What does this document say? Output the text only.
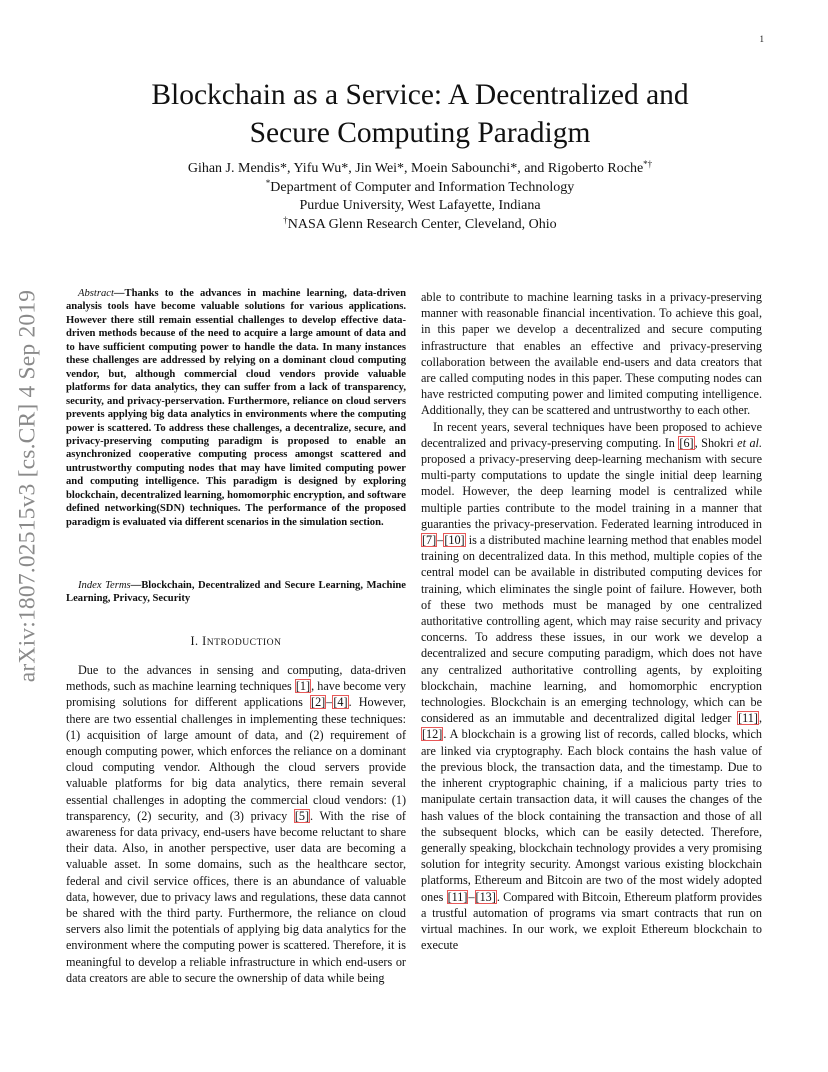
1
arXiv:1807.02515v3 [cs.CR] 4 Sep 2019
Blockchain as a Service: A Decentralized and
Secure Computing Paradigm
Gihan J. Mendis*, Yifu Wu*, Jin Wei*, Moein Sabounchi*, and Rigoberto Roche*†
*Department of Computer and Information Technology
Purdue University, West Lafayette, Indiana
†NASA Glenn Research Center, Cleveland, Ohio
Abstract—Thanks to the advances in machine learning, data-driven analysis tools have become valuable solutions for various applications. However there still remain essential challenges to develop effective data-driven methods because of the need to acquire a large amount of data and to have sufficient computing power to handle the data. In many instances these challenges are addressed by relying on a dominant cloud computing vendor, but, although commercial cloud vendors provide valuable platforms for data analytics, they can suffer from a lack of transparency, security, and privacy-perservation. Furthermore, reliance on cloud servers prevents applying big data analytics in environments where the computing power is scattered. To address these challenges, a decentralize, secure, and privacy-preserving computing paradigm is proposed to enable an asynchronized cooperative computing process amongst scattered and untrustworthy computing nodes that may have limited computing power and computing intelligence. This paradigm is designed by exploring blockchain, decentralized learning, homomorphic encryption, and software defined networking(SDN) techniques. The performance of the proposed paradigm is evaluated via different scenarios in the simulation section.
Index Terms—Blockchain, Decentralized and Secure Learning, Machine Learning, Privacy, Security
I. INTRODUCTION

Due to the advances in sensing and computing, data-driven methods, such as machine learning techniques [1], have become very promising solutions for different applications [2]–[4]. However, there are two essential challenges in implementing these techniques: (1) acquisition of large amount of data, and (2) requirement of enough computing power, which enforces the reliance on a dominant cloud computing vendor. Although the cloud servers provide valuable platforms for big data analytics, there remain several essential challenges in adopting the commercial cloud vendors: (1) transparency, (2) security, and (3) privacy [5]. With the rise of awareness for data privacy, end-users have become reluctant to share their data. Also, in another perspective, user data are becoming a valuable asset. In some domains, such as the healthcare sector, federal and civil service offices, there is an abundance of valuable data, however, due to privacy laws and regulations, these data cannot be shared with the third party. Furthermore, the reliance on cloud servers also limit the potentials of applying big data analytics for the environment where the computing power is scattered. Therefore, it is meaningful to develop a reliable infrastructure in which end-users or data creators are able to secure the ownership of data while being

able to contribute to machine learning tasks in a privacy-preserving manner with reasonable financial incentivation. To achieve this goal, in this paper we develop a decentralized and secure computing infrastructure that enables an effective and privacy-preserving collaboration between the available end-users and data creators that are called computing nodes in this paper. These computing nodes can have restricted computing power and limited computing intelligence. Additionally, they can be scattered and untrustworthy to each other.

In recent years, several techniques have been proposed to achieve decentralized and privacy-preserving computing. In [6], Shokri et al. proposed a privacy-preserving deep-learning mechanism with secure multi-party computations to update the single initial deep learning model. However, the deep learning model is centralized while multiple parties contribute to the model training in a manner that guaranties the privacy-preservation. Federated learning introduced in [7]–[10] is a distributed machine learning method that enables model training on decentralized data. In this method, multiple copies of the central model can be available in distributed computing devices for training, which eliminates the single point of failure. However, both of these two methods must be managed by one centralized authoritative controlling agent, which may raise security and privacy concerns. To address these issues, in our work we develop a decentralized and secure computing paradigm, which does not have any centralized authoritative controlling agents, by exploiting blockchain, machine learning, and homomorphic encryption technologies. Blockchain is an emerging technology, which can be considered as an immutable and decentralized digital ledger [11], [12]. A blockchain is a growing list of records, called blocks, which are linked via cryptography. Each block contains the hash value of the previous block, the transaction data, and the timestamp. Due to the inherent cryptographic chaining, if a malicious party tries to manipulate certain transaction data, it will causes the changes of the hash values of the block containing the transaction and those of all the subsequent blocks, which can be easily detected. Therefore, generally speaking, blockchain technology provides a very promising solution for integrity security. Amongst various existing blockchain platforms, Ethereum and Bitcoin are two of the most widely adopted ones [11]–[13]. Compared with Bitcoin, Ethereum platform provides a trustful automation of programs via smart contracts that run on virtual machines. In our work, we exploit Ethereum blockchain to execute
